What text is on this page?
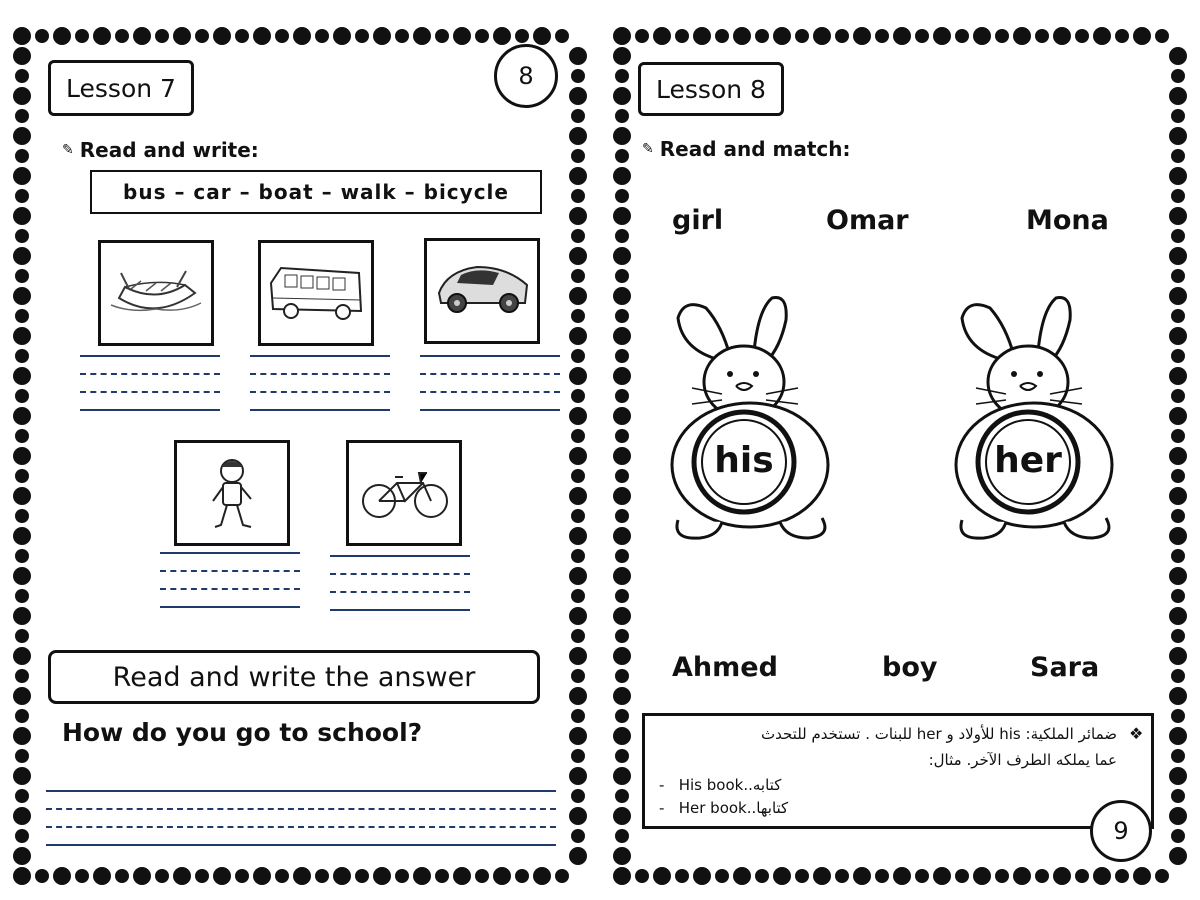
Lesson 7	8
✎ Read and write:
bus – car – boat – walk – bicycle
Read and write the answer
How do you go to school?
Lesson 8
✎ Read and match:
girl	Omar	Mona
his	her
Ahmed	boy	Sara
❖
ضمائر الملكية: his للأولاد و her للبنات . تستخدم للتحدث
عما يملكه الطرف الآخر. مثال:
- His book..كتابه
- Her book..كتابها
9
